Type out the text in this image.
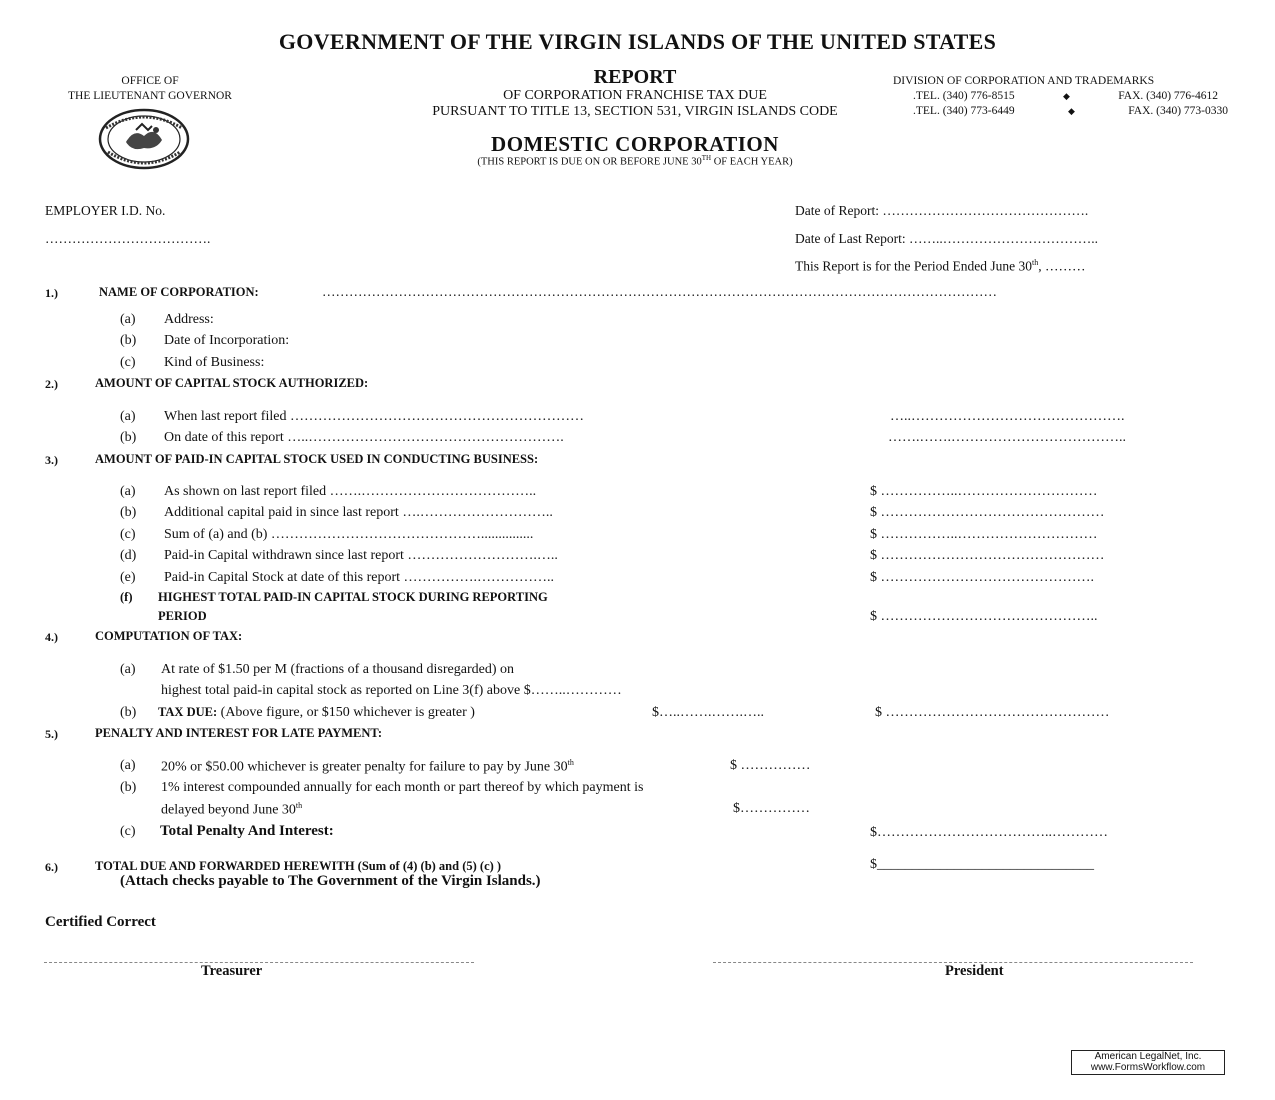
GOVERNMENT OF THE VIRGIN ISLANDS OF THE UNITED STATES
OFFICE OF
THE LIEUTENANT GOVERNOR
REPORT
OF CORPORATION FRANCHISE TAX DUE
PURSUANT TO TITLE 13, SECTION 531, VIRGIN ISLANDS CODE
DIVISION OF CORPORATION AND TRADEMARKS
.TEL. (340) 776-8515	◆	FAX. (340) 776-4612
.TEL. (340) 773-6449	◆	FAX. (340) 773-0330
DOMESTIC CORPORATION
(THIS REPORT IS DUE ON OR BEFORE JUNE 30TH OF EACH YEAR)
EMPLOYER I.D. No.
……………………………….
Date of Report: ……………………………………….
Date of Last Report: ……..……………………………..
This Report is for the Period Ended June 30th, ………
1.)	NAME OF CORPORATION:	……………………………………………………………………………………………………………………………………
(a) Address:
(b) Date of Incorporation:
(c) Kind of Business:
2.)	AMOUNT OF CAPITAL STOCK AUTHORIZED:
(a) When last report filed ………………………………………………………	…..……………………………………….
(b) On date of this report …..……………………………………………….	…….…….………………………………..
3.)	AMOUNT OF PAID-IN CAPITAL STOCK USED IN CONDUCTING BUSINESS:
(a) As shown on last report filed …….………………………………..	$ ……………..…………………………
(b) Additional capital paid in since last report ….………………………..	$ …………………………………………
(c) Sum of (a) and (b) ………………………………………...............	$ ……………..…………………………
(d) Paid-in Capital withdrawn since last report ……………………….…..	$ …………………………………………
(e) Paid-in Capital Stock at date of this report …………….……………..	$ ……………………………………….
(f) HIGHEST TOTAL PAID-IN CAPITAL STOCK DURING REPORTING
PERIOD	$ ………………………………………..
4.)	COMPUTATION OF TAX:
(a) At rate of $1.50 per M (fractions of a thousand disregarded) on
highest total paid-in capital stock as reported on Line 3(f) above $……..…………
(b) TAX DUE: (Above figure, or $150 whichever is greater )	$…..…….…….…..	$ …………………………………………
5.)	PENALTY AND INTEREST FOR LATE PAYMENT:
(a) 20% or $50.00 whichever is greater penalty for failure to pay by June 30th	$ ……………
(b) 1% interest compounded annually for each month or part thereof by which payment is
delayed beyond June 30th	$……………
(c) Total Penalty And Interest:	$………………………………..…………
6.)	TOTAL DUE AND FORWARDED HEREWITH (Sum of (4) (b) and (5) (c) )	$_______________________________
(Attach checks payable to The Government of the Virgin Islands.)
Certified Correct
Treasurer	President
American LegalNet, Inc.
www.FormsWorkflow.com
